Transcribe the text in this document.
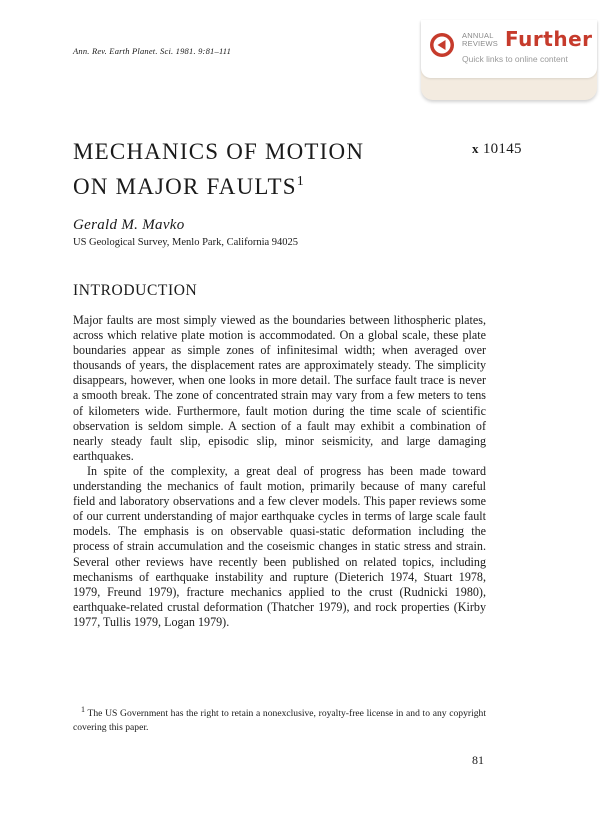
Ann. Rev. Earth Planet. Sci. 1981. 9:81–111
ANNUAL
REVIEWS Further
Quick links to online content
MECHANICS OF MOTION
ON MAJOR FAULTS$^1$
x 10145
Gerald M. Mavko
US Geological Survey, Menlo Park, California 94025
INTRODUCTION

Major faults are most simply viewed as the boundaries between lithospheric plates, across which relative plate motion is accommodated. On a global scale, these plate boundaries appear as simple zones of infinitesimal width; when averaged over thousands of years, the displacement rates are approximately steady. The simplicity disappears, however, when one looks in more detail. The surface fault trace is never a smooth break. The zone of concentrated strain may vary from a few meters to tens of kilometers wide. Furthermore, fault motion during the time scale of scientific observation is seldom simple. A section of a fault may exhibit a combination of nearly steady fault slip, episodic slip, minor seismicity, and large damaging earthquakes.

In spite of the complexity, a great deal of progress has been made toward understanding the mechanics of fault motion, primarily because of many careful field and laboratory observations and a few clever models. This paper reviews some of our current understanding of major earthquake cycles in terms of large scale fault models. The emphasis is on observable quasi-static deformation including the process of strain accumulation and the coseismic changes in static stress and strain. Several other reviews have recently been published on related topics, including mechanisms of earthquake instability and rupture (Dieterich 1974, Stuart 1978, 1979, Freund 1979), fracture mechanics applied to the crust (Rudnicki 1980), earthquake-related crustal deformation (Thatcher 1979), and rock properties (Kirby 1977, Tullis 1979, Logan 1979).

$^1$ The US Government has the right to retain a nonexclusive, royalty-free license in and to any copyright covering this paper.
81
